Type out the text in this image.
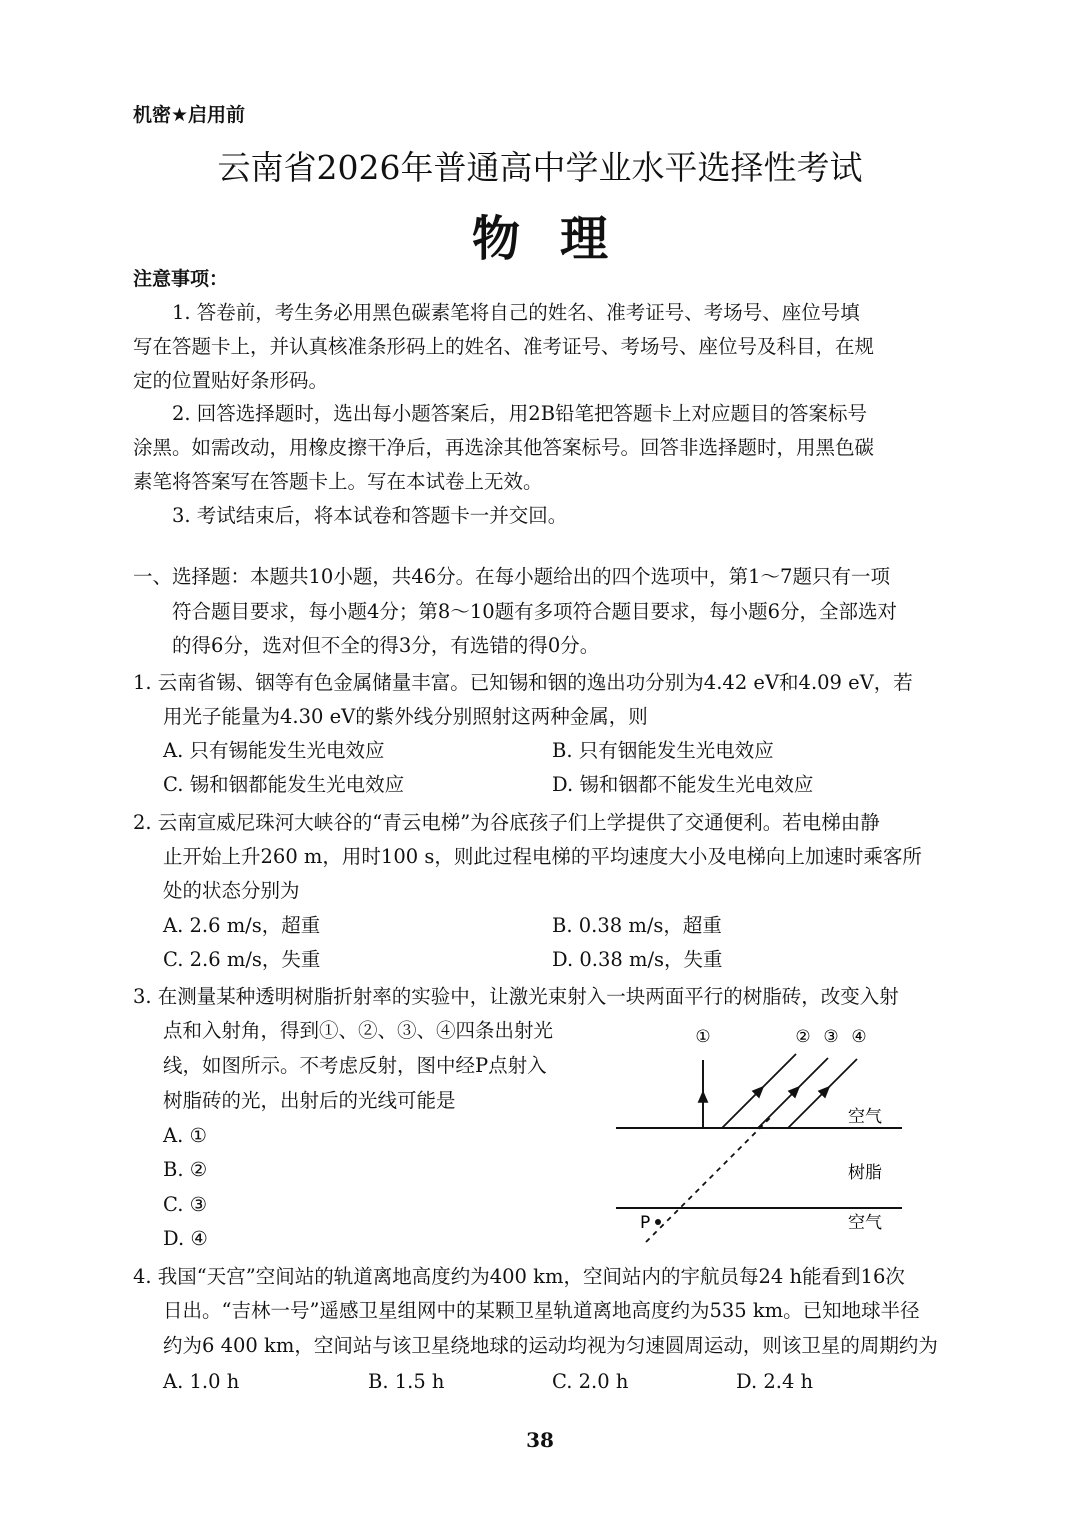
机密★启用前
云南省2026年普通高中学业水平选择性考试
物理
注意事项：
1. 答卷前，考生务必用黑色碳素笔将自己的姓名、准考证号、考场号、座位号填
写在答题卡上，并认真核准条形码上的姓名、准考证号、考场号、座位号及科目，在规
定的位置贴好条形码。
2. 回答选择题时，选出每小题答案后，用2B铅笔把答题卡上对应题目的答案标号
涂黑。如需改动，用橡皮擦干净后，再选涂其他答案标号。回答非选择题时，用黑色碳
素笔将答案写在答题卡上。写在本试卷上无效。
3. 考试结束后，将本试卷和答题卡一并交回。
一、选择题：本题共10小题，共46分。在每小题给出的四个选项中，第1～7题只有一项
符合题目要求，每小题4分；第8～10题有多项符合题目要求，每小题6分，全部选对
的得6分，选对但不全的得3分，有选错的得0分。
1. 云南省锡、铟等有色金属储量丰富。已知锡和铟的逸出功分别为4.42 eV和4.09 eV，若
用光子能量为4.30 eV的紫外线分别照射这两种金属，则
A. 只有锡能发生光电效应	B. 只有铟能发生光电效应
C. 锡和铟都能发生光电效应	D. 锡和铟都不能发生光电效应
2. 云南宣威尼珠河大峡谷的“青云电梯”为谷底孩子们上学提供了交通便利。若电梯由静
止开始上升260 m，用时100 s，则此过程电梯的平均速度大小及电梯向上加速时乘客所
处的状态分别为
A. 2.6 m/s，超重	B. 0.38 m/s，超重
C. 2.6 m/s，失重	D. 0.38 m/s，失重
3. 在测量某种透明树脂折射率的实验中，让激光束射入一块两面平行的树脂砖，改变入射
点和入射角，得到①、②、③、④四条出射光
线，如图所示。不考虑反射，图中经P点射入
树脂砖的光，出射后的光线可能是
A. ①
B. ②
C. ③
D. ④
①	② ③ ④
空气
树脂
空气
P
4. 我国“天宫”空间站的轨道离地高度约为400 km，空间站内的宇航员每24 h能看到16次
日出。“吉林一号”遥感卫星组网中的某颗卫星轨道离地高度约为535 km。已知地球半径
约为6 400 km，空间站与该卫星绕地球的运动均视为匀速圆周运动，则该卫星的周期约为
A. 1.0 h	B. 1.5 h	C. 2.0 h	D. 2.4 h
38
